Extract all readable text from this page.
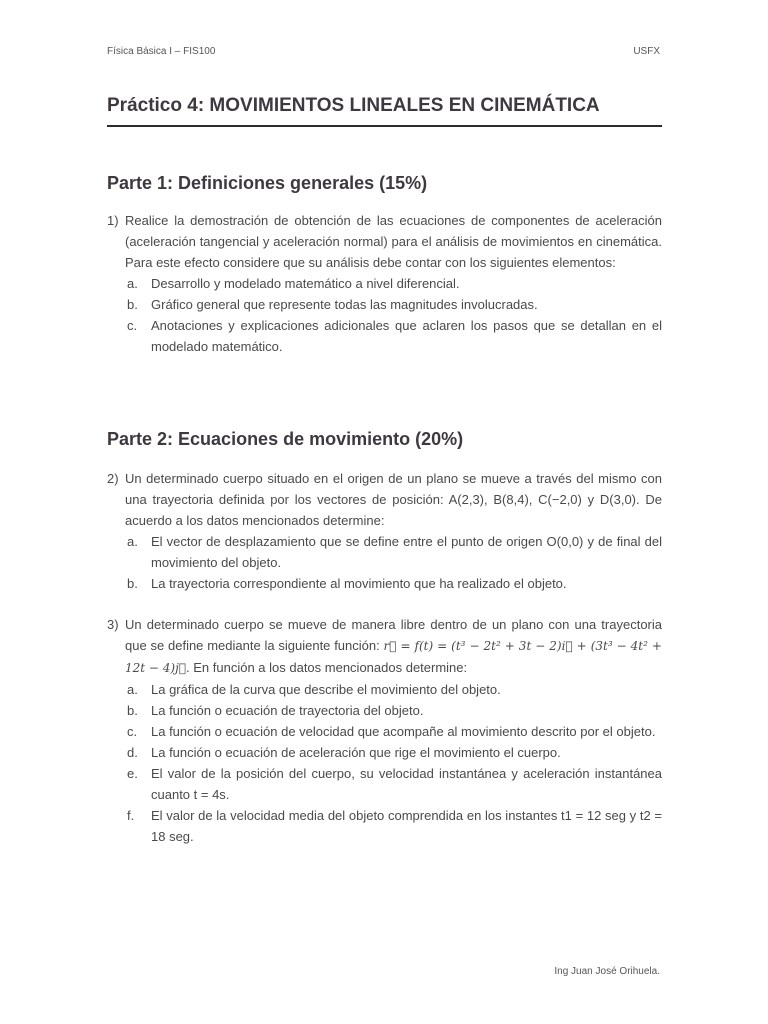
Física Básica I – FIS100	USFX
Práctico 4: MOVIMIENTOS LINEALES EN CINEMÁTICA
Parte 1: Definiciones generales (15%)
1) Realice la demostración de obtención de las ecuaciones de componentes de aceleración (aceleración tangencial y aceleración normal) para el análisis de movimientos en cinemática. Para este efecto considere que su análisis debe contar con los siguientes elementos:
a.	Desarrollo y modelado matemático a nivel diferencial.
b.	Gráfico general que represente todas las magnitudes involucradas.
c.	Anotaciones y explicaciones adicionales que aclaren los pasos que se detallan en el modelado matemático.
Parte 2: Ecuaciones de movimiento (20%)
2) Un determinado cuerpo situado en el origen de un plano se mueve a través del mismo con una trayectoria definida por los vectores de posición: A(2,3), B(8,4), C(−2,0) y D(3,0). De acuerdo a los datos mencionados determine:
a.	El vector de desplazamiento que se define entre el punto de origen O(0,0) y de final del movimiento del objeto.
b.	La trayectoria correspondiente al movimiento que ha realizado el objeto.
3) Un determinado cuerpo se mueve de manera libre dentro de un plano con una trayectoria que se define mediante la siguiente función: r⃗ = f(t) = (t³ − 2t² + 3t − 2)i⃗ + (3t³ − 4t² + 12t − 4)j⃗. En función a los datos mencionados determine:
a.	La gráfica de la curva que describe el movimiento del objeto.
b.	La función o ecuación de trayectoria del objeto.
c.	La función o ecuación de velocidad que acompañe al movimiento descrito por el objeto.
d.	La función o ecuación de aceleración que rige el movimiento el cuerpo.
e.	El valor de la posición del cuerpo, su velocidad instantánea y aceleración instantánea cuanto t = 4s.
f.	El valor de la velocidad media del objeto comprendida en los instantes t1 = 12 seg y t2 = 18 seg.
Ing Juan José Orihuela.
